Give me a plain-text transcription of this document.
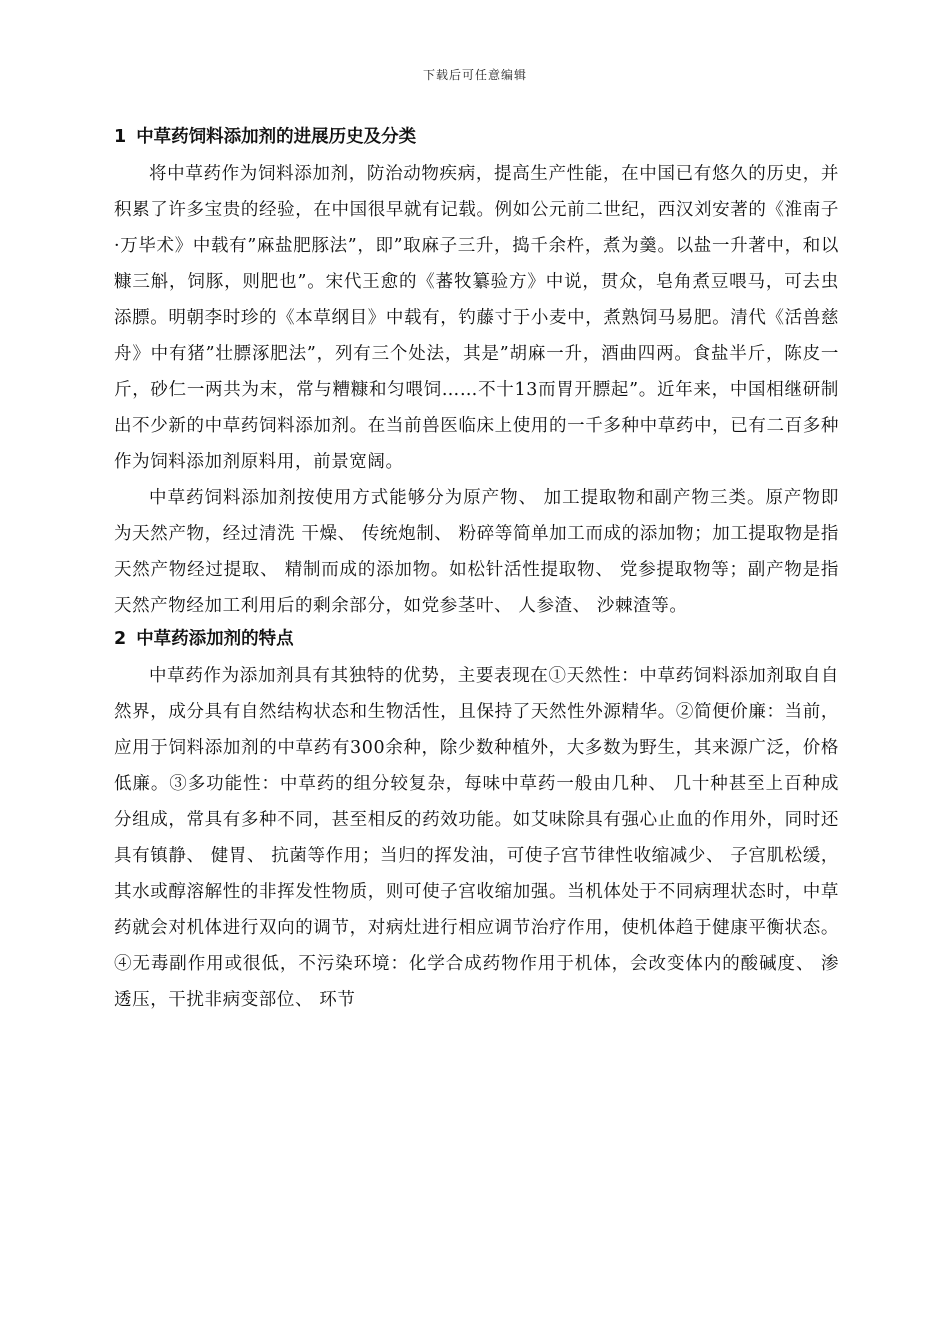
下载后可任意编辑
1 中草药饲料添加剂的进展历史及分类

将中草药作为饲料添加剂，防治动物疾病，提高生产性能，在中国已有悠久的历史，并积累了许多宝贵的经验，在中国很早就有记载。例如公元前二世纪，西汉刘安著的《淮南子·万毕术》中载有”麻盐肥豚法”，即”取麻子三升，捣千余杵，煮为羹。以盐一升著中，和以糠三斛，饲豚，则肥也”。宋代王愈的《蕃牧纂验方》中说，贯众，皂角煮豆喂马，可去虫添膘。明朝李时珍的《本草纲目》中载有，钓藤寸于小麦中，煮熟饲马易肥。清代《活兽慈舟》中有猪”壮膘涿肥法”，列有三个处法，其是”胡麻一升，酒曲四两。食盐半斤，陈皮一斤，砂仁一两共为末，常与糟糠和匀喂饲……不十13而胃开膘起”。近年来，中国相继研制出不少新的中草药饲料添加剂。在当前兽医临床上使用的一千多种中草药中，已有二百多种作为饲料添加剂原料用，前景宽阔。

中草药饲料添加剂按使用方式能够分为原产物、 加工提取物和副产物三类。原产物即为天然产物，经过清洗 干燥、 传统炮制、 粉碎等简单加工而成的添加物；加工提取物是指天然产物经过提取、 精制而成的添加物。如松针活性提取物、 党参提取物等；副产物是指天然产物经加工利用后的剩余部分，如党参茎叶、 人参渣、 沙棘渣等。

2 中草药添加剂的特点

中草药作为添加剂具有其独特的优势，主要表现在①天然性：中草药饲料添加剂取自自然界，成分具有自然结构状态和生物活性，且保持了天然性外源精华。②简便价廉：当前，应用于饲料添加剂的中草药有300余种，除少数种植外，大多数为野生，其来源广泛，价格低廉。③多功能性：中草药的组分较复杂，每味中草药一般由几种、 几十种甚至上百种成分组成，常具有多种不同，甚至相反的药效功能。如艾味除具有强心止血的作用外，同时还具有镇静、 健胃、 抗菌等作用；当归的挥发油，可使子宫节律性收缩减少、 子宫肌松缓，其水或醇溶解性的非挥发性物质，则可使子宫收缩加强。当机体处于不同病理状态时，中草药就会对机体进行双向的调节，对病灶进行相应调节治疗作用，使机体趋于健康平衡状态。④无毒副作用或很低，不污染环境：化学合成药物作用于机体，会改变体内的酸碱度、 渗透压，干扰非病变部位、 环节
